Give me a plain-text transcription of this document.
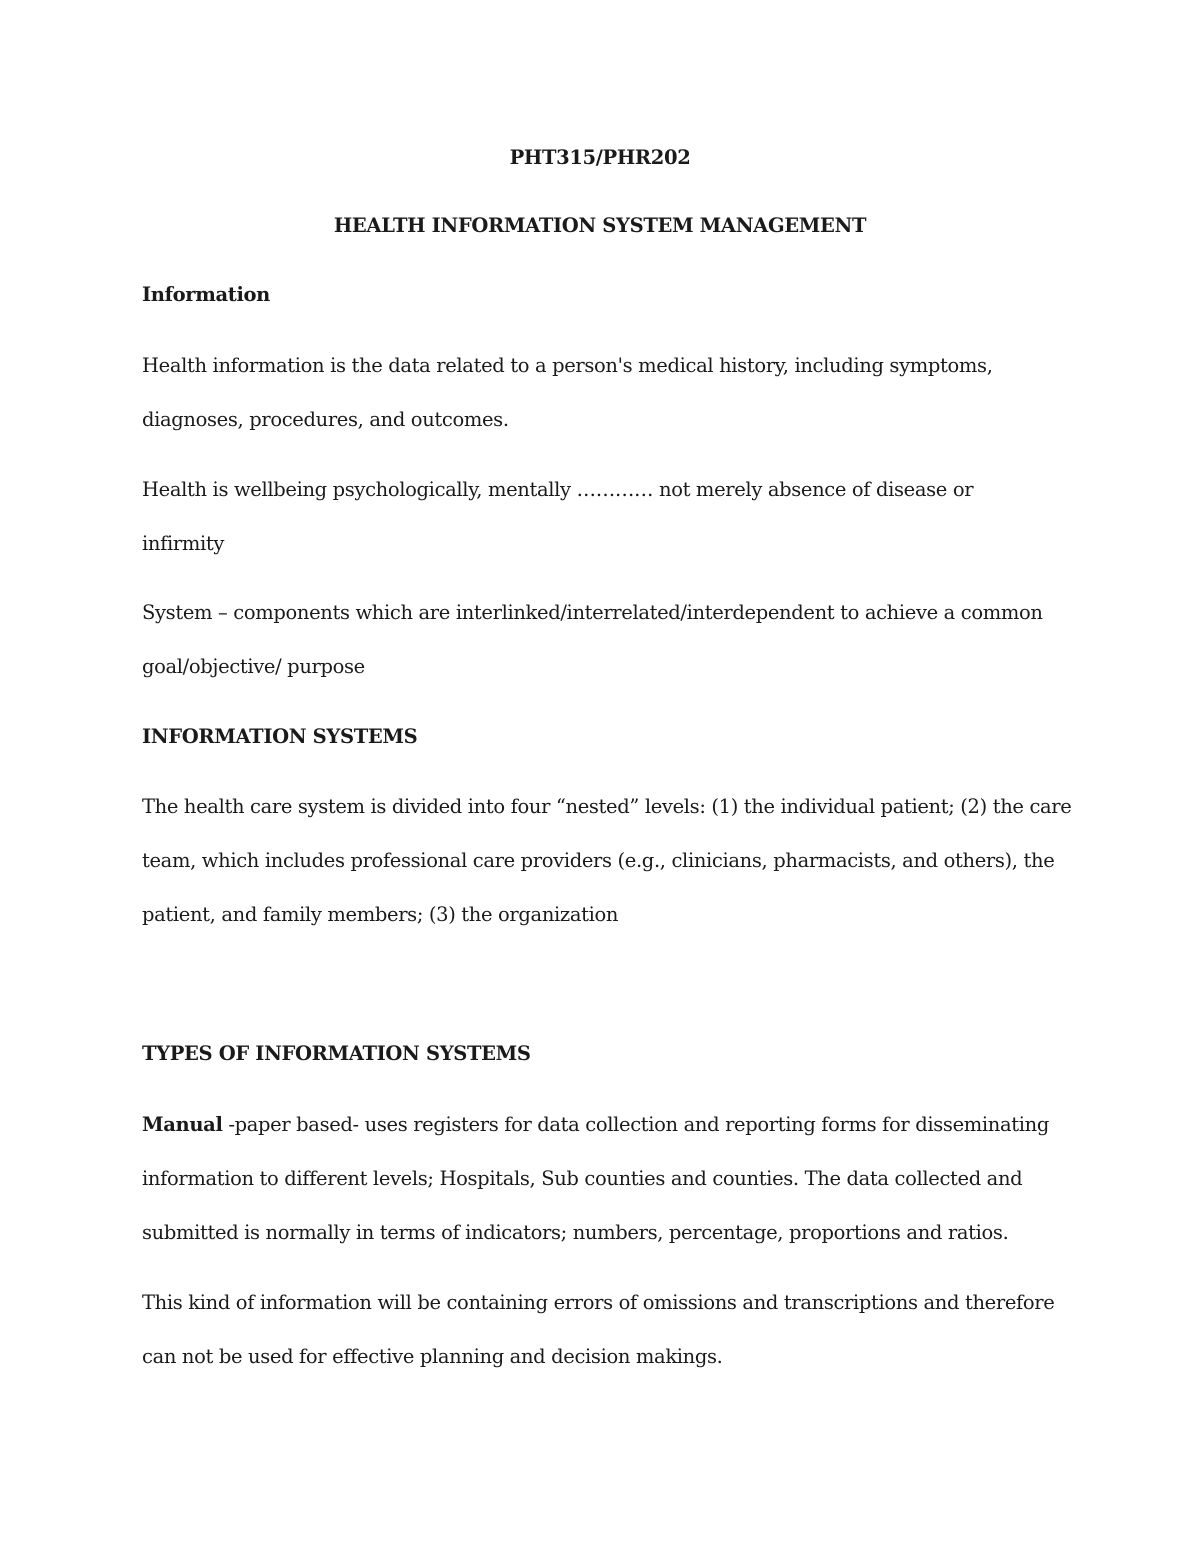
PHT315/PHR202

HEALTH INFORMATION SYSTEM MANAGEMENT

Information

Health information is the data related to a person's medical history, including symptoms,

diagnoses, procedures, and outcomes.

Health is wellbeing psychologically, mentally ………… not merely absence of disease or

infirmity

System – components which are interlinked/interrelated/interdependent to achieve a common

goal/objective/ purpose

INFORMATION SYSTEMS

The health care system is divided into four “nested” levels: (1) the individual patient; (2) the care

team, which includes professional care providers (e.g., clinicians, pharmacists, and others), the

patient, and family members; (3) the organization

TYPES OF INFORMATION SYSTEMS

Manual -paper based- uses registers for data collection and reporting forms for disseminating

information to different levels; Hospitals, Sub counties and counties. The data collected and

submitted is normally in terms of indicators; numbers, percentage, proportions and ratios.

This kind of information will be containing errors of omissions and transcriptions and therefore

can not be used for effective planning and decision makings.
